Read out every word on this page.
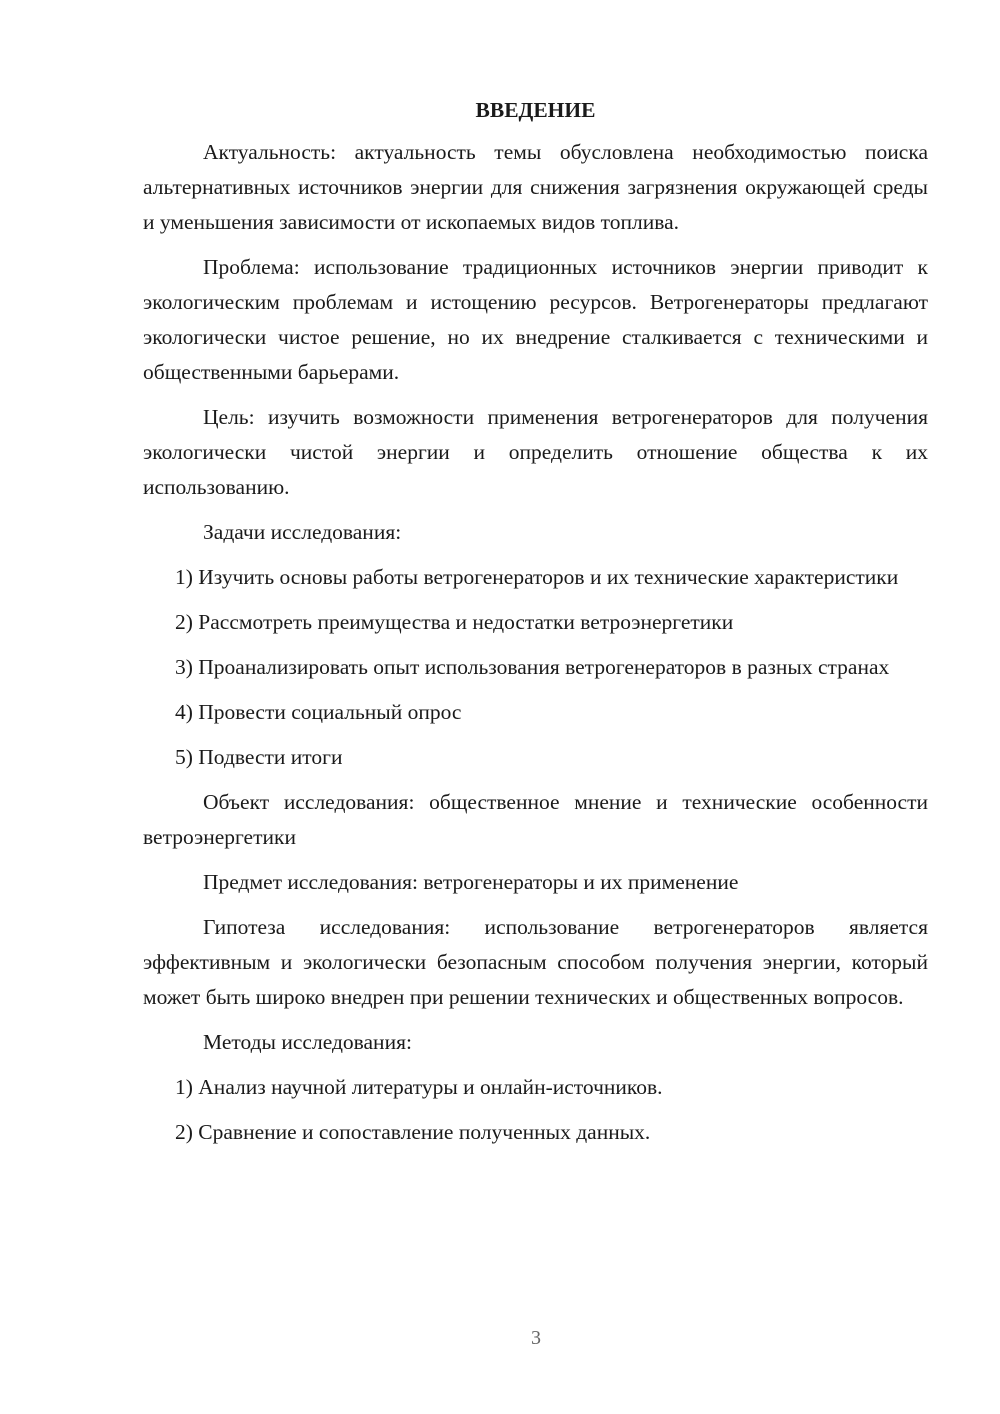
ВВЕДЕНИЕ
Актуальность: актуальность темы обусловлена необходимостью поиска альтернативных источников энергии для снижения загрязнения окружающей среды и уменьшения зависимости от ископаемых видов топлива.
Проблема: использование традиционных источников энергии приводит к экологическим проблемам и истощению ресурсов. Ветрогенераторы предлагают экологически чистое решение, но их внедрение сталкивается с техническими и общественными барьерами.
Цель: изучить возможности применения ветрогенераторов для получения экологически чистой энергии и определить отношение общества к их использованию.
Задачи исследования:
1) Изучить основы работы ветрогенераторов и их технические характеристики
2) Рассмотреть преимущества и недостатки ветроэнергетики
3) Проанализировать опыт использования ветрогенераторов в разных странах
4) Провести социальный опрос
5) Подвести итоги
Объект исследования: общественное мнение и технические особенности ветроэнергетики
Предмет исследования: ветрогенераторы и их применение
Гипотеза исследования: использование ветрогенераторов является эффективным и экологически безопасным способом получения энергии, который может быть широко внедрен при решении технических и общественных вопросов.
Методы исследования:
1) Анализ научной литературы и онлайн-источников.
2) Сравнение и сопоставление полученных данных.
3
